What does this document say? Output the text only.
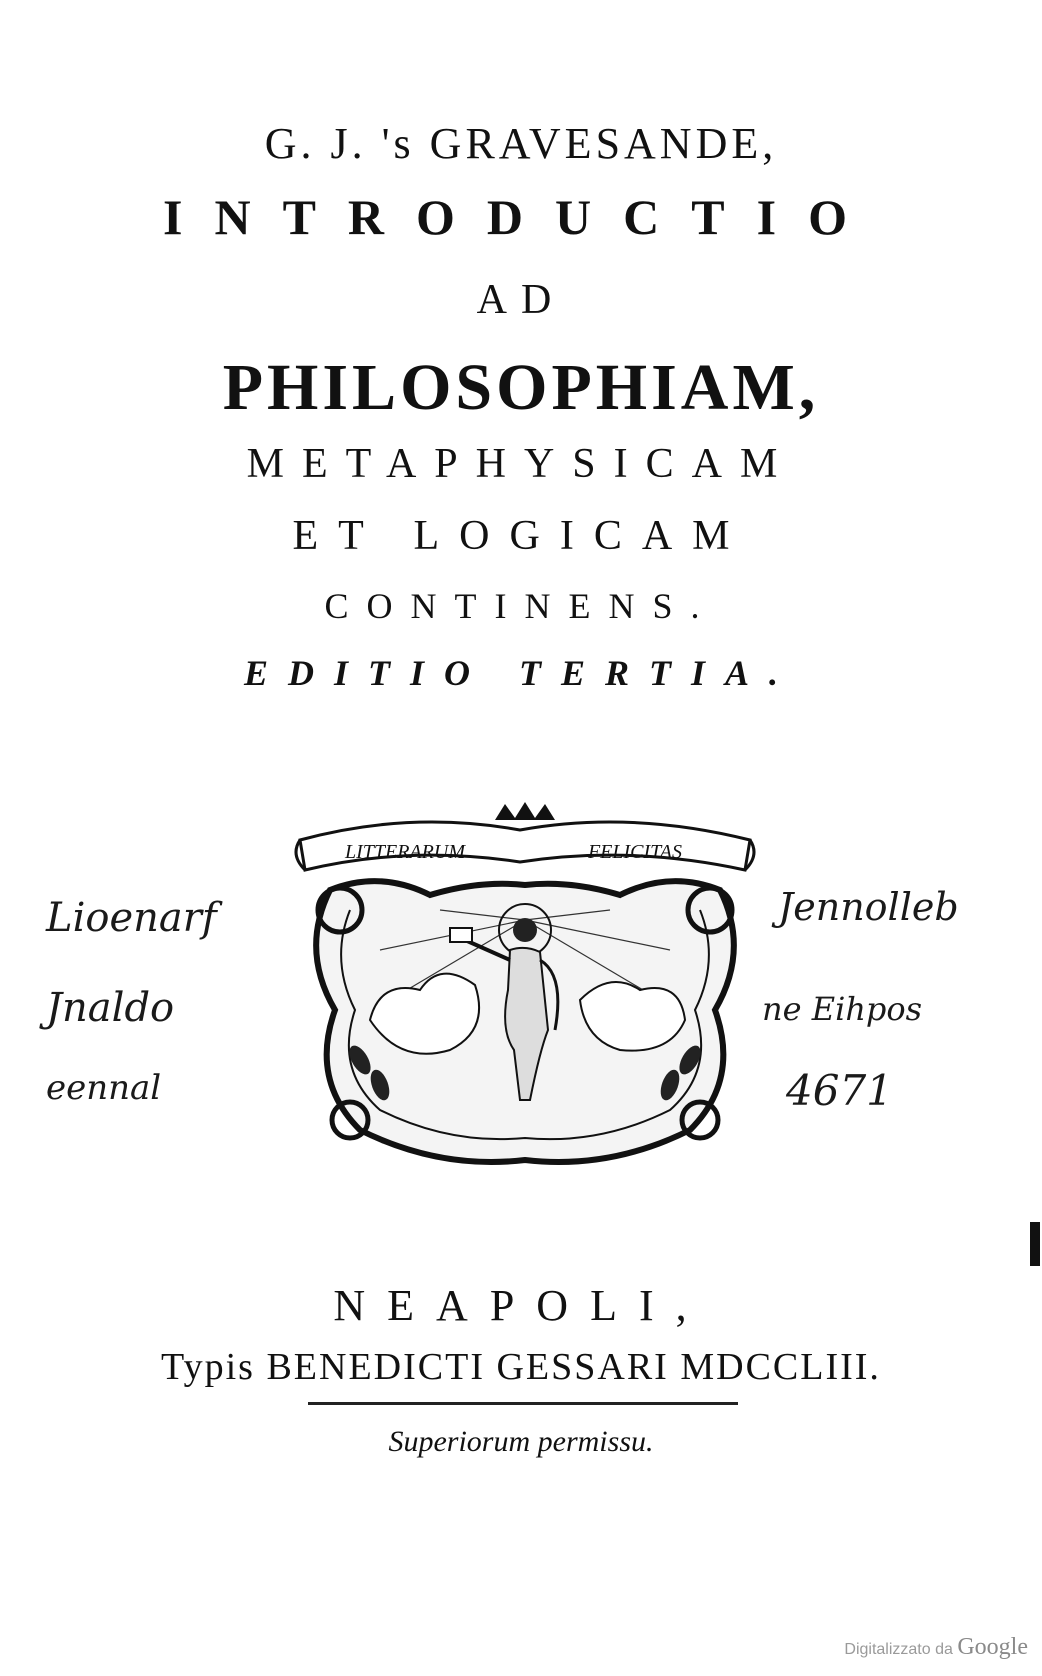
G. J. 's GRAVESANDE,
INTRODUCTIO
AD
PHILOSOPHIAM,
METAPHYSICAM
ET LOGICAM
CONTINENS.
EDITIO TERTIA.
LITTERARUM	FELICITAS
Lioenarf
Jnaldo
eennal
Jennolleb
ne Eihpos
4671
NEAPOLI,
Typis BENEDICTI GESSARI MDCCLIII.
Superiorum permissu.
Digitalizzato da Google
